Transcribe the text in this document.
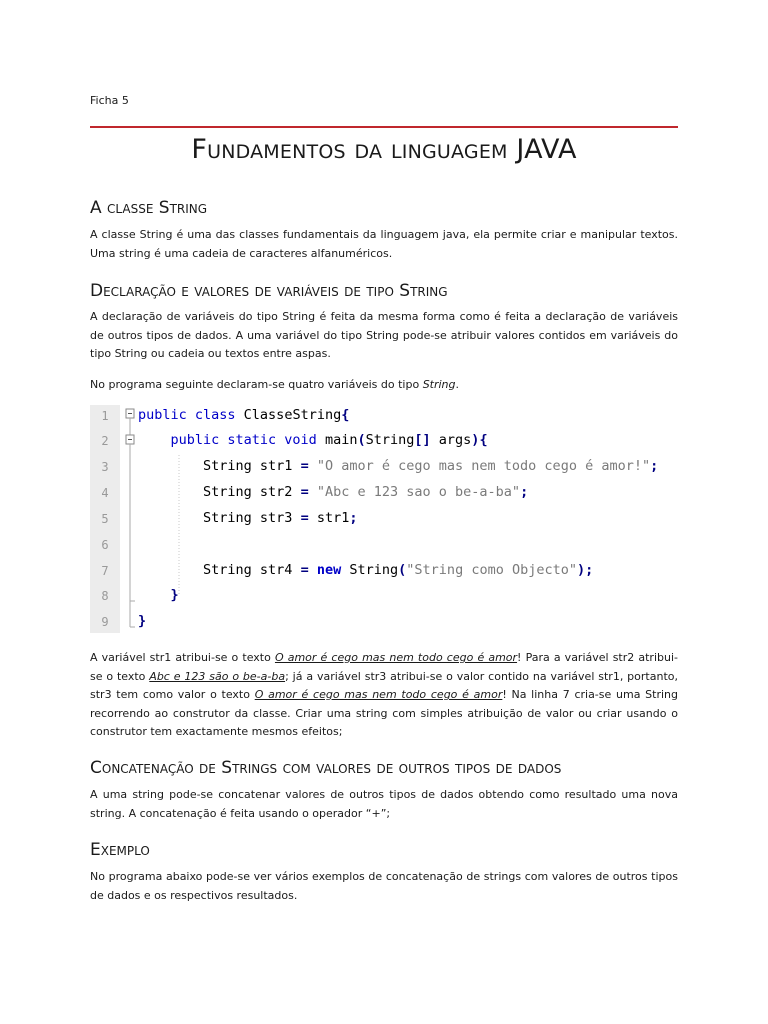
Ficha 5
Fundamentos da linguagem JAVA
A classe String
A classe String é uma das classes fundamentais da linguagem java, ela permite criar e manipular textos. Uma string é uma cadeia de caracteres alfanuméricos.
Declaração e valores de variáveis de tipo String
A declaração de variáveis do tipo String é feita da mesma forma como é feita a declaração de variáveis de outros tipos de dados. A uma variável do tipo String pode-se atribuir valores contidos em variáveis do tipo String ou cadeia ou textos entre aspas.
No programa seguinte declaram-se quatro variáveis do tipo String.
1
2
3
4
5
6
7
8
9
public class ClasseString{
public static void main(String[] args){
String str1 = "O amor é cego mas nem todo cego é amor!";
String str2 = "Abc e 123 sao o be-a-ba";
String str3 = str1;
String str4 = new String("String como Objecto");
}
}
A variável str1 atribui-se o texto O amor é cego mas nem todo cego é amor! Para a variável str2 atribui-se o texto Abc e 123 são o be-a-ba; já a variável str3 atribui-se o valor contido na variável str1, portanto, str3 tem como valor o texto O amor é cego mas nem todo cego é amor! Na linha 7 cria-se uma String recorrendo ao construtor da classe. Criar uma string com simples atribuição de valor ou criar usando o construtor tem exactamente mesmos efeitos;
Concatenação de Strings com valores de outros tipos de dados
A uma string pode-se concatenar valores de outros tipos de dados obtendo como resultado uma nova string. A concatenação é feita usando o operador “+”;
Exemplo
No programa abaixo pode-se ver vários exemplos de concatenação de strings com valores de outros tipos de dados e os respectivos resultados.
